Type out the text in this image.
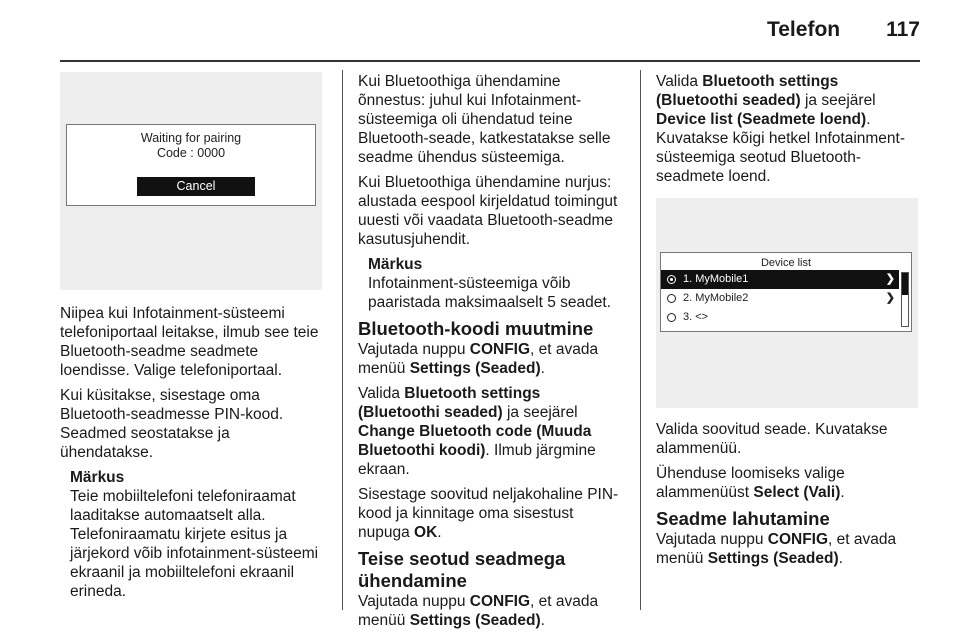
Telefon 117
Waiting for pairing
Code : 0000
Cancel

Niipea kui Infotainment-süsteemi telefoniportaal leitakse, ilmub see teie Bluetooth-seadme seadmete loendisse. Valige telefoniportaal.

Kui küsitakse, sisestage oma Bluetooth-seadmesse PIN-kood. Seadmed seostatakse ja ühendatakse.

Märkus
Teie mobiiltelefoni telefoniraamat laaditakse automaatselt alla. Telefoniraamatu kirjete esitus ja järjekord võib infotainment-süsteemi ekraanil ja mobiiltelefoni ekraanil erineda.

Kui Bluetoothiga ühendamine õnnestus: juhul kui Infotainment-süsteemiga oli ühendatud teine Bluetooth-seade, katkestatakse selle seadme ühendus süsteemiga.

Kui Bluetoothiga ühendamine nurjus: alustada eespool kirjeldatud toimingut uuesti või vaadata Bluetooth-seadme kasutusjuhendit.

Märkus
Infotainment-süsteemiga võib paaristada maksimaalselt 5 seadet.
Bluetooth-koodi muutmine

Vajutada nuppu CONFIG, et avada menüü Settings (Seaded).

Valida Bluetooth settings (Bluetoothi seaded) ja seejärel Change Bluetooth code (Muuda Bluetoothi koodi). Ilmub järgmine ekraan.

Sisestage soovitud neljakohaline PIN-kood ja kinnitage oma sisestust nupuga OK.

Teise seotud seadmega ühendamine

Vajutada nuppu CONFIG, et avada menüü Settings (Seaded).

Valida Bluetooth settings (Bluetoothi seaded) ja seejärel Device list (Seadmete loend). Kuvatakse kõigi hetkel Infotainment-süsteemiga seotud Bluetooth-seadmete loend.

Device list
1. MyMobile1	❯
2. MyMobile2	❯
3. <>

Valida soovitud seade. Kuvatakse alammenüü.

Ühenduse loomiseks valige alammenüüst Select (Vali).

Seadme lahutamine

Vajutada nuppu CONFIG, et avada menüü Settings (Seaded).
